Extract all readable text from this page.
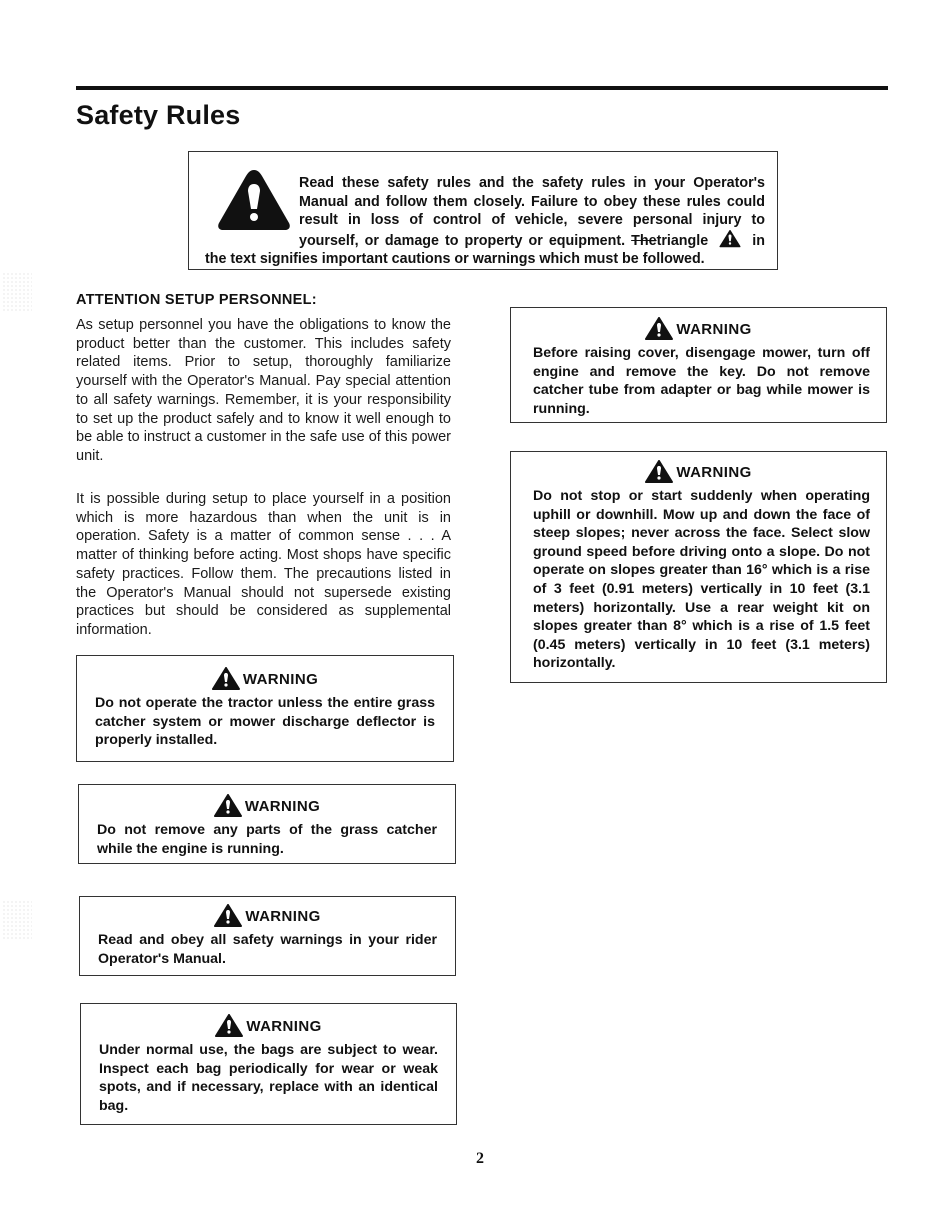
Safety Rules
Read these safety rules and the safety rules in your Operator's Manual and follow them closely. Failure to obey these rules could result in loss of control of vehicle, severe personal injury to yourself, or damage to property or equipment. Thetriangle	in the text signifies important cautions or warnings which must be followed.
ATTENTION SETUP PERSONNEL:

As setup personnel you have the obligations to know the product better than the customer. This includes safety related items. Prior to setup, thoroughly familiarize yourself with the Operator's Manual. Pay special attention to all safety warnings. Remember, it is your responsibility to set up the product safely and to know it well enough to be able to instruct a customer in the safe use of this power unit.

It is possible during setup to place yourself in a position which is more hazardous than when the unit is in operation. Safety is a matter of common sense . . . A matter of thinking before acting. Most shops have specific safety practices. Follow them. The precautions listed in the Operator's Manual should not supersede existing practices but should be considered as supplemental information.

WARNING
Do not operate the tractor unless the entire grass catcher system or mower discharge deflector is properly installed.
WARNING
Do not remove any parts of the grass catcher while the engine is running.
WARNING
Read and obey all safety warnings in your rider Operator's Manual.
WARNING
Under normal use, the bags are subject to wear. Inspect each bag periodically for wear or weak spots, and if necessary, replace with an identical bag.
WARNING
Before raising cover, disengage mower, turn off engine and remove the key. Do not remove catcher tube from adapter or bag while mower is running.
WARNING
Do not stop or start suddenly when operating uphill or downhill. Mow up and down the face of steep slopes; never across the face. Select slow ground speed before driving onto a slope. Do not operate on slopes greater than 16° which is a rise of 3 feet (0.91 meters) vertically in 10 feet (3.1 meters) horizontally. Use a rear weight kit on slopes greater than 8° which is a rise of 1.5 feet (0.45 meters) vertically in 10 feet (3.1 meters) horizontally.
2
